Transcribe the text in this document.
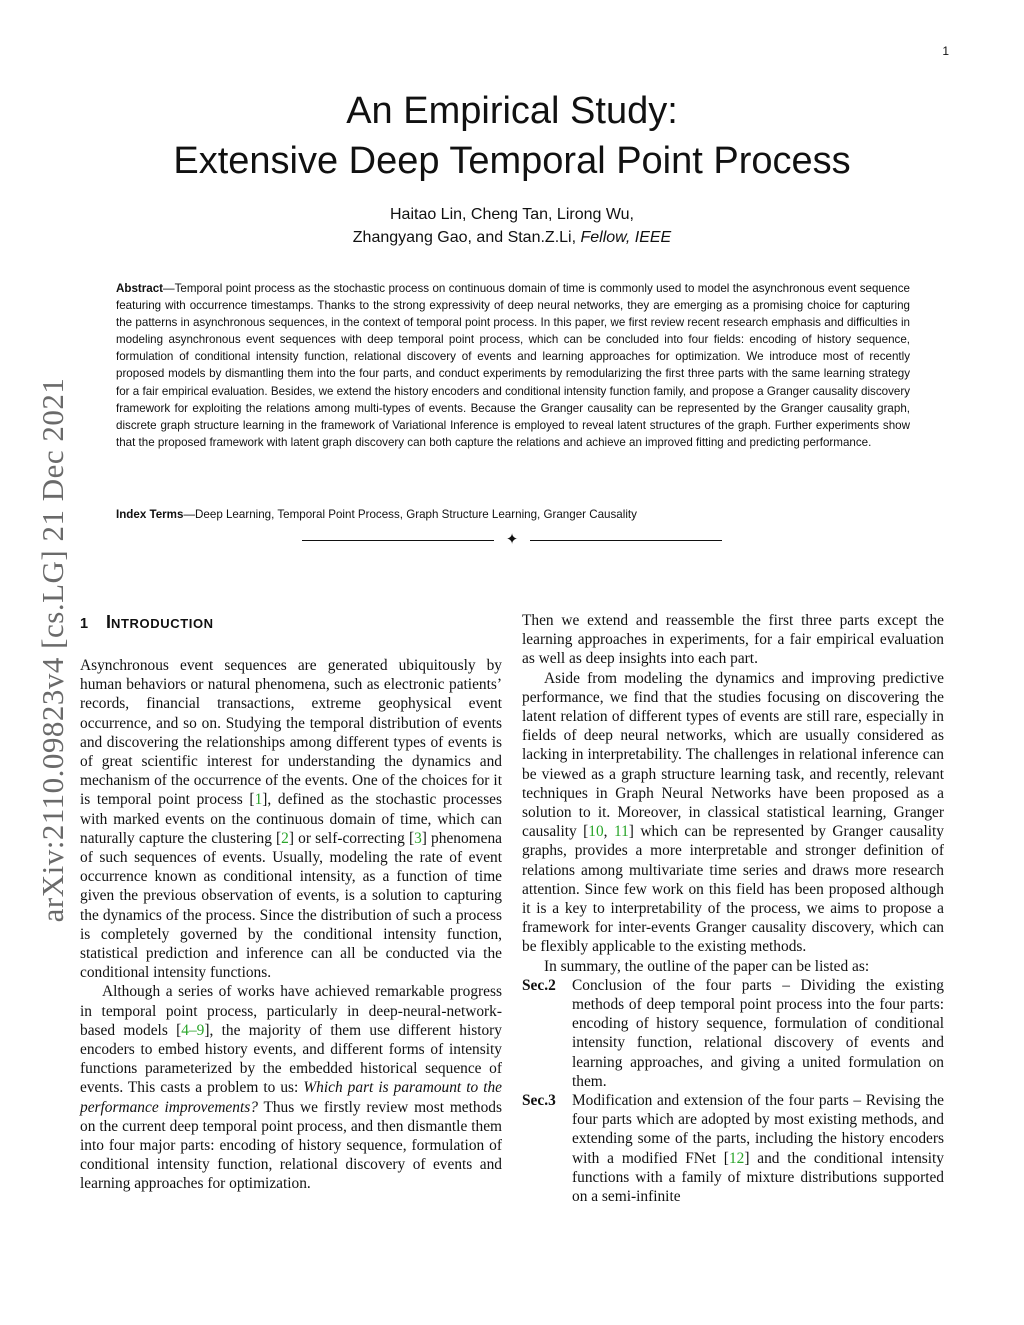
1
arXiv:2110.09823v4 [cs.LG] 21 Dec 2021
An Empirical Study:
Extensive Deep Temporal Point Process
Haitao Lin, Cheng Tan, Lirong Wu,
Zhangyang Gao, and Stan.Z.Li, Fellow, IEEE
Abstract—Temporal point process as the stochastic process on continuous domain of time is commonly used to model the asynchronous event sequence featuring with occurrence timestamps. Thanks to the strong expressivity of deep neural networks, they are emerging as a promising choice for capturing the patterns in asynchronous sequences, in the context of temporal point process. In this paper, we first review recent research emphasis and difficulties in modeling asynchronous event sequences with deep temporal point process, which can be concluded into four fields: encoding of history sequence, formulation of conditional intensity function, relational discovery of events and learning approaches for optimization. We introduce most of recently proposed models by dismantling them into the four parts, and conduct experiments by remodularizing the first three parts with the same learning strategy for a fair empirical evaluation. Besides, we extend the history encoders and conditional intensity function family, and propose a Granger causality discovery framework for exploiting the relations among multi-types of events. Because the Granger causality can be represented by the Granger causality graph, discrete graph structure learning in the framework of Variational Inference is employed to reveal latent structures of the graph. Further experiments show that the proposed framework with latent graph discovery can both capture the relations and achieve an improved fitting and predicting performance.
Index Terms—Deep Learning, Temporal Point Process, Graph Structure Learning, Granger Causality
✦
1 INTRODUCTION

Asynchronous event sequences are generated ubiquitously by human behaviors or natural phenomena, such as electronic patients’ records, financial transactions, extreme geophysical event occurrence, and so on. Studying the temporal distribution of events and discovering the relationships among different types of events is of great scientific interest for understanding the dynamics and mechanism of the occurrence of the events. One of the choices for it is temporal point process [1], defined as the stochastic processes with marked events on the continuous domain of time, which can naturally capture the clustering [2] or self-correcting [3] phenomena of such sequences of events. Usually, modeling the rate of event occurrence known as conditional intensity, as a function of time given the previous observation of events, is a solution to capturing the dynamics of the process. Since the distribution of such a process is completely governed by the conditional intensity function, statistical prediction and inference can all be conducted via the conditional intensity functions.

Although a series of works have achieved remarkable progress in temporal point process, particularly in deep-neural-network-based models [4–9], the majority of them use different history encoders to embed history events, and different forms of intensity functions parameterized by the embedded historical sequence of events. This casts a problem to us: Which part is paramount to the performance improvements? Thus we firstly review most methods on the current deep temporal point process, and then dismantle them into four major parts: encoding of history sequence, formulation of conditional intensity function, relational discovery of events and learning approaches for optimization.

Then we extend and reassemble the first three parts except the learning approaches in experiments, for a fair empirical evaluation as well as deep insights into each part.

Aside from modeling the dynamics and improving predictive performance, we find that the studies focusing on discovering the latent relation of different types of events are still rare, especially in fields of deep neural networks, which are usually considered as lacking in interpretability. The challenges in relational inference can be viewed as a graph structure learning task, and recently, relevant techniques in Graph Neural Networks have been proposed as a solution to it. Moreover, in classical statistical learning, Granger causality [10, 11] which can be represented by Granger causality graphs, provides a more interpretable and stronger definition of relations among multivariate time series and draws more research attention. Since few work on this field has been proposed although it is a key to interpretability of the process, we aims to propose a framework for inter-events Granger causality discovery, which can be flexibly applicable to the existing methods.

In summary, the outline of the paper can be listed as:

Sec.2	Conclusion of the four parts – Dividing the existing methods of deep temporal point process into the four parts: encoding of history sequence, formulation of conditional intensity function, relational discovery of events and learning approaches, and giving a united formulation on them.
Sec.3	Modification and extension of the four parts – Revising the four parts which are adopted by most existing methods, and extending some of the parts, including the history encoders with a modified FNet [12] and the conditional intensity functions with a family of mixture distributions supported on a semi-infinite
